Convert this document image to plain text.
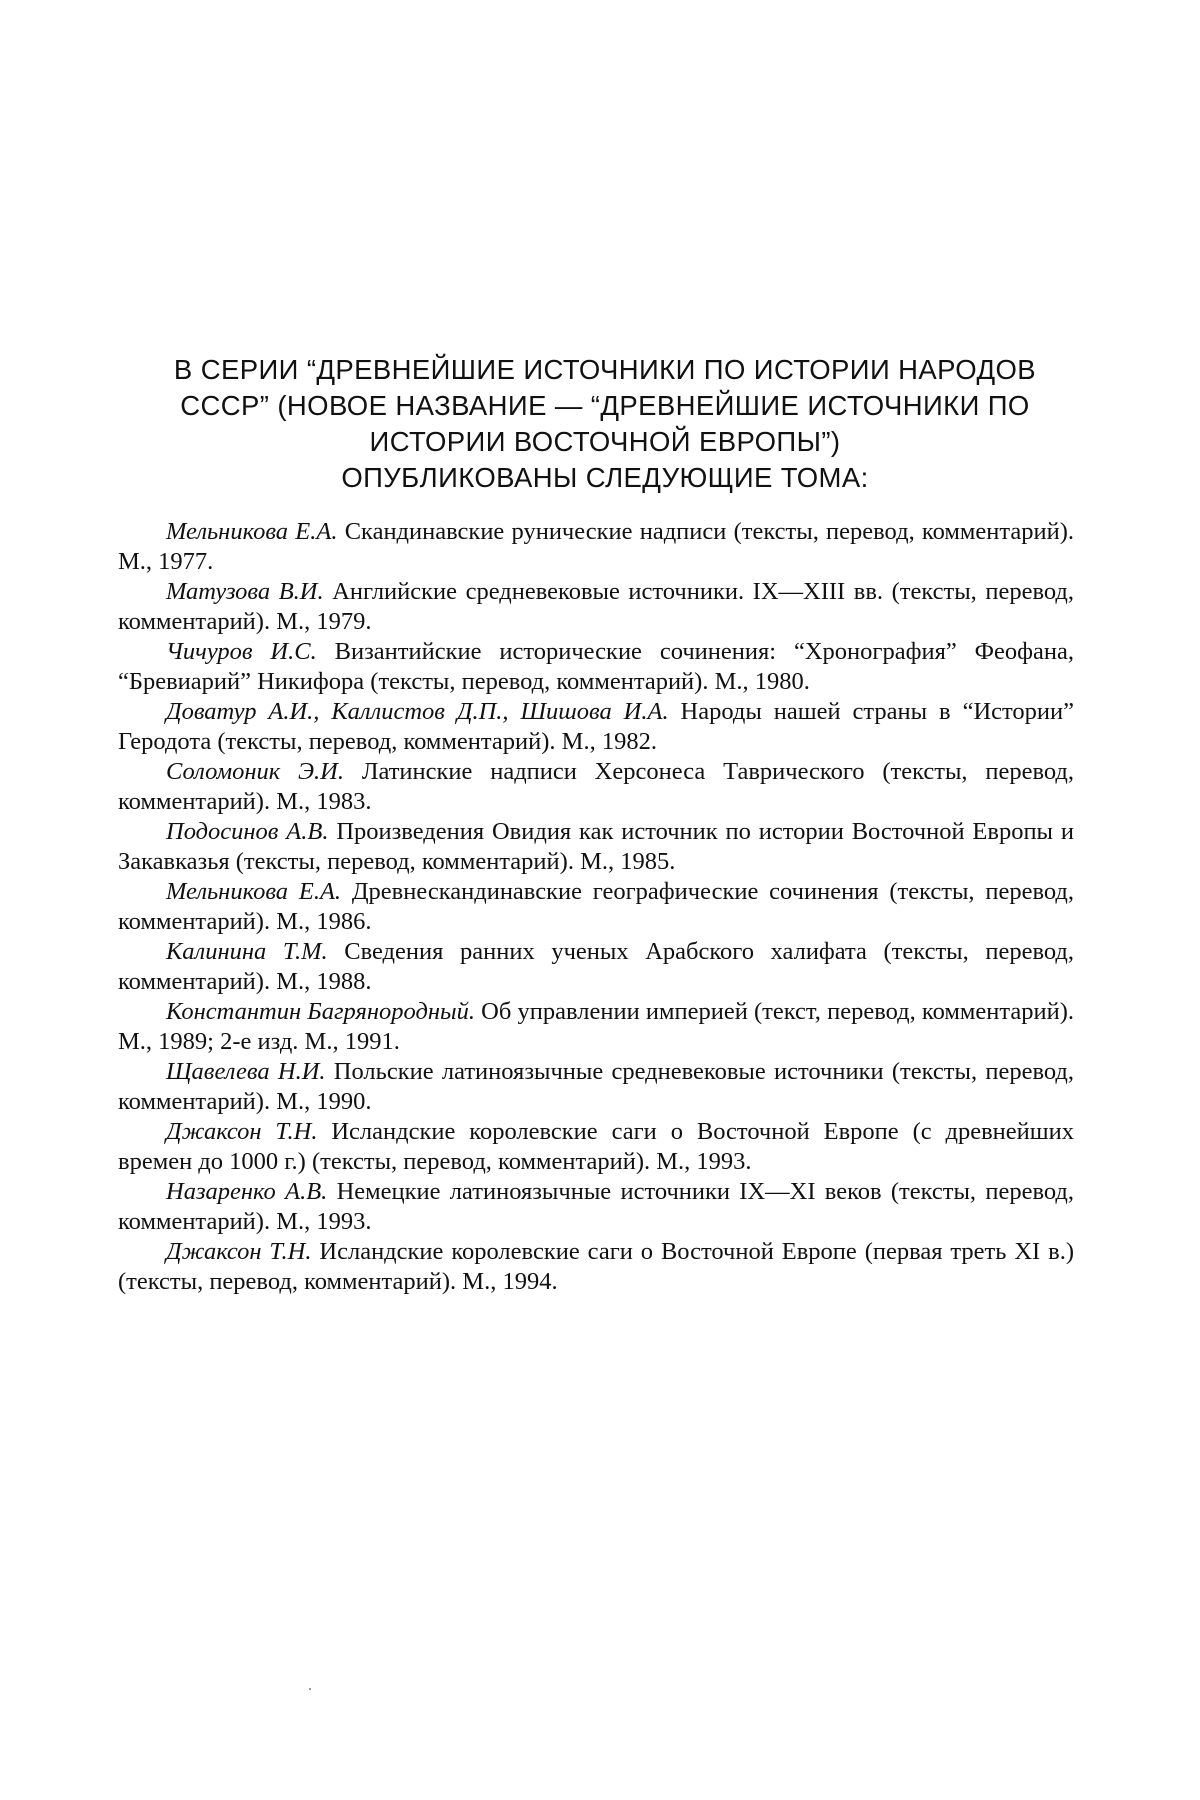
В СЕРИИ “ДРЕВНЕЙШИЕ ИСТОЧНИКИ ПО ИСТОРИИ НАРОДОВ
СССР” (НОВОЕ НАЗВАНИЕ — “ДРЕВНЕЙШИЕ ИСТОЧНИКИ ПО
ИСТОРИИ ВОСТОЧНОЙ ЕВРОПЫ”)
ОПУБЛИКОВАНЫ СЛЕДУЮЩИЕ ТОМА:

Мельникова Е.А. Скандинавские рунические надписи (тексты, перевод, комментарий). М., 1977.

Матузова В.И. Английские средневековые источники. IX—XIII вв. (тексты, перевод, комментарий). М., 1979.

Чичуров И.С. Византийские исторические сочинения: “Хронография” Феофана, “Бревиарий” Никифора (тексты, перевод, комментарий). М., 1980.

Доватур А.И., Каллистов Д.П., Шишова И.А. Народы нашей страны в “Истории” Геродота (тексты, перевод, комментарий). М., 1982.

Соломоник Э.И. Латинские надписи Херсонеса Таврического (тексты, перевод, комментарий). М., 1983.

Подосинов А.В. Произведения Овидия как источник по истории Восточной Европы и Закавказья (тексты, перевод, комментарий). М., 1985.

Мельникова Е.А. Древнескандинавские географические сочинения (тексты, перевод, комментарий). М., 1986.

Калинина Т.М. Сведения ранних ученых Арабского халифата (тексты, перевод, комментарий). М., 1988.

Константин Багрянородный. Об управлении империей (текст, перевод, комментарий). М., 1989; 2-е изд. М., 1991.

Щавелева Н.И. Польские латиноязычные средневековые источники (тексты, перевод, комментарий). М., 1990.

Джаксон Т.Н. Исландские королевские саги о Восточной Европе (с древнейших времен до 1000 г.) (тексты, перевод, комментарий). М., 1993.

Назаренко А.В. Немецкие латиноязычные источники IX—XI веков (тексты, перевод, комментарий). М., 1993.

Джаксон Т.Н. Исландские королевские саги о Восточной Европе (первая треть XI в.) (тексты, перевод, комментарий). М., 1994.
